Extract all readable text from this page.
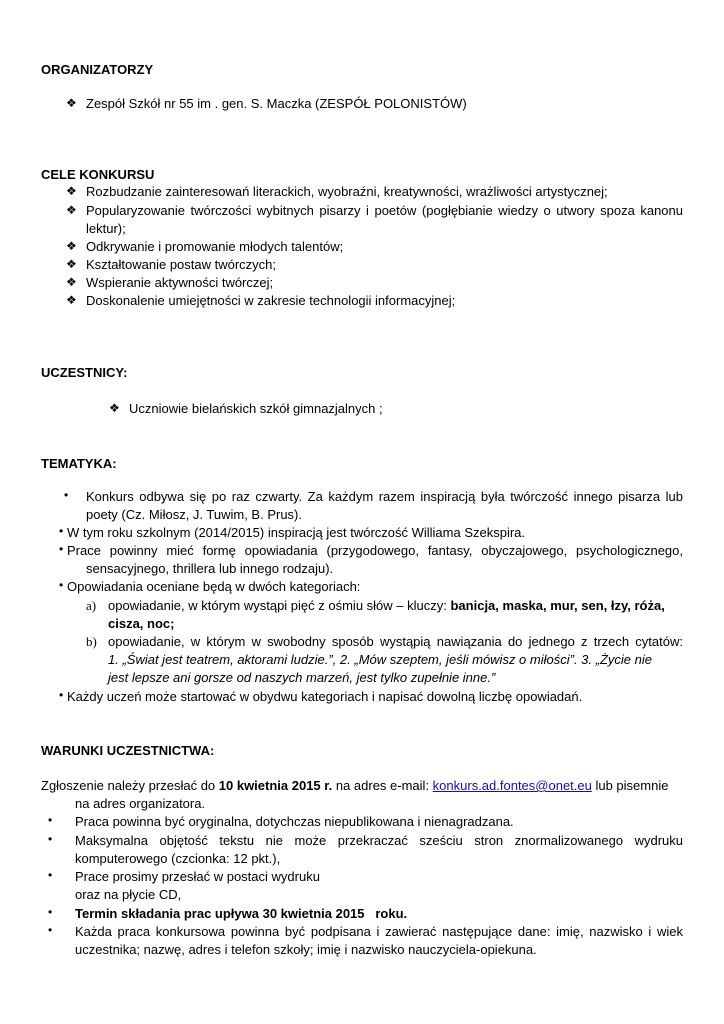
ORGANIZATORZY
❖ Zespół Szkół nr 55 im . gen. S. Maczka (ZESPÓŁ POLONISTÓW)
CELE KONKURSU
❖ Rozbudzanie zainteresowań literackich, wyobraźni, kreatywności, wrażliwości artystycznej;
❖ Popularyzowanie twórczości wybitnych pisarzy i poetów (pogłębianie wiedzy o utwory spoza kanonu
lektur);
❖ Odkrywanie i promowanie młodych talentów;
❖ Kształtowanie postaw twórczych;
❖ Wspieranie aktywności twórczej;
❖ Doskonalenie umiejętności w zakresie technologii informacyjnej;
UCZESTNICY:
❖ Uczniowie bielańskich szkół gimnazjalnych ;
TEMATYKA:
• Konkurs odbywa się po raz czwarty. Za każdym razem inspiracją była twórczość innego pisarza lub
poety (Cz. Miłosz, J. Tuwim, B. Prus).
• W tym roku szkolnym (2014/2015) inspiracją jest twórczość Williama Szekspira.
• Prace powinny mieć formę opowiadania (przygodowego, fantasy, obyczajowego, psychologicznego,
sensacyjnego, thrillera lub innego rodzaju).
• Opowiadania oceniane będą w dwóch kategoriach:
a) opowiadanie, w którym wystąpi pięć z ośmiu słów – kluczy: banicja, maska, mur, sen, łzy, róża,
cisza, noc;
b) opowiadanie, w którym w swobodny sposób wystąpią nawiązania do jednego z trzech cytatów:
1. „Świat jest teatrem, aktorami ludzie.”, 2. „Mów szeptem, jeśli mówisz o miłości”. 3. „Życie nie
jest lepsze ani gorsze od naszych marzeń, jest tylko zupełnie inne.”
• Każdy uczeń może startować w obydwu kategoriach i napisać dowolną liczbę opowiadań.
WARUNKI UCZESTNICTWA:
Zgłoszenie należy przesłać do 10 kwietnia 2015 r. na adres e-mail: konkurs.ad.fontes@onet.eu lub pisemnie
na adres organizatora.
• Praca powinna być oryginalna, dotychczas niepublikowana i nienagradzana.
• Maksymalna objętość tekstu nie może przekraczać sześciu stron znormalizowanego wydruku
komputerowego (czcionka: 12 pkt.),
• Prace prosimy przesłać w postaci wydruku
oraz na płycie CD,
• Termin składania prac upływa 30 kwietnia 2015   roku.
• Każda praca konkursowa powinna być podpisana i zawierać następujące dane: imię, nazwisko i wiek
uczestnika; nazwę, adres i telefon szkoły; imię i nazwisko nauczyciela-opiekuna.
